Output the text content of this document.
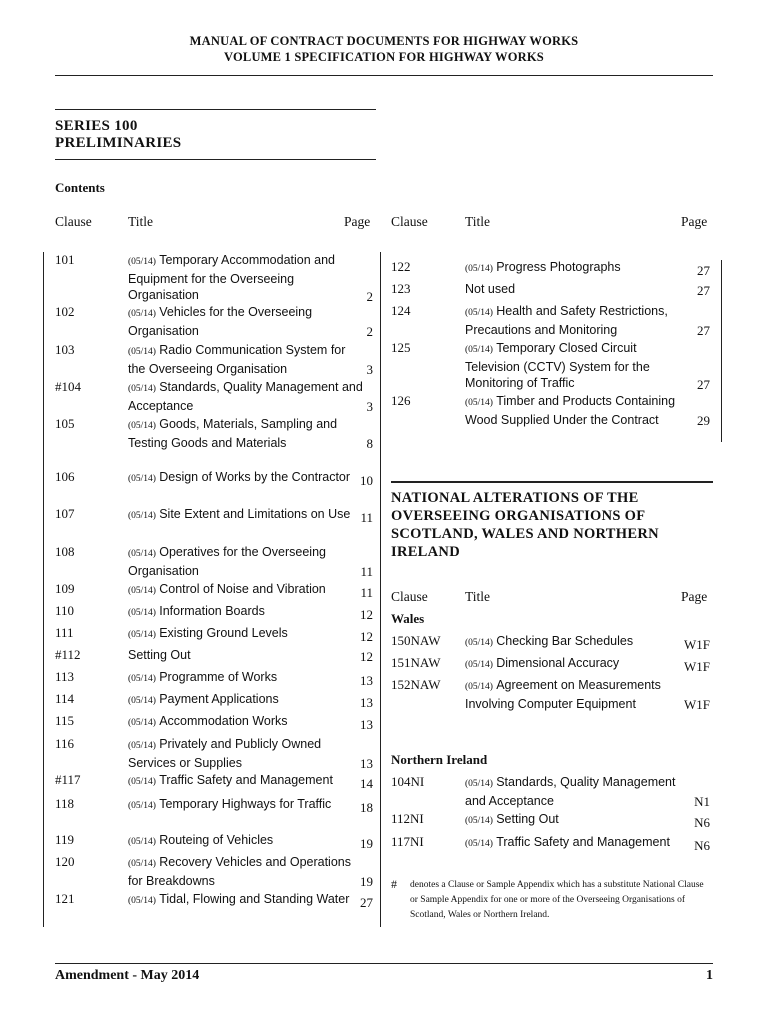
MANUAL OF CONTRACT DOCUMENTS FOR HIGHWAY WORKS
VOLUME 1 SPECIFICATION FOR HIGHWAY WORKS
SERIES 100
PRELIMINARIES
Contents
Clause	Title	Page Clause	Title	Page
101	(05/14) Temporary Accommodation and Equipment for the Overseeing Organisation	2
102	(05/14) Vehicles for the Overseeing Organisation	2
103	(05/14) Radio Communication System for the Overseeing Organisation	3
#104	(05/14) Standards, Quality Management and Acceptance	3
105	(05/14) Goods, Materials, Sampling and Testing Goods and Materials	8
106	(05/14) Design of Works by the Contractor 10
107	(05/14) Site Extent and Limitations on Use 11
108	(05/14) Operatives for the Overseeing Organisation	11
109	(05/14) Control of Noise and Vibration	11
110	(05/14) Information Boards	12
111	(05/14) Existing Ground Levels	12
#112	Setting Out	12
113	(05/14) Programme of Works	13
114	(05/14) Payment Applications	13
115	(05/14) Accommodation Works	13
116	(05/14) Privately and Publicly Owned Services or Supplies	13
#117	(05/14) Traffic Safety and Management	14
118	(05/14) Temporary Highways for Traffic	18
119	(05/14) Routeing of Vehicles	19
120	(05/14) Recovery Vehicles and Operations for Breakdowns	19
121	(05/14) Tidal, Flowing and Standing Water 27
122	(05/14) Progress Photographs	27
123	Not used	27
124	(05/14) Health and Safety Restrictions, Precautions and Monitoring	27
125	(05/14) Temporary Closed Circuit Television (CCTV) System for the Monitoring of Traffic	27
126	(05/14) Timber and Products Containing Wood Supplied Under the Contract	29
NATIONAL ALTERATIONS OF THE OVERSEEING ORGANISATIONS OF SCOTLAND, WALES AND NORTHERN IRELAND
Clause	Title	Page
Wales
150NAW	(05/14) Checking Bar Schedules	W1F
151NAW	(05/14) Dimensional Accuracy	W1F
152NAW	(05/14) Agreement on Measurements Involving Computer Equipment	W1F
Northern Ireland
104NI	(05/14) Standards, Quality Management and Acceptance	N1
112NI	(05/14) Setting Out	N6
117NI	(05/14) Traffic Safety and Management	N6
# denotes a Clause or Sample Appendix which has a substitute National Clause or Sample Appendix for one or more of the Overseeing Organisations of Scotland, Wales or Northern Ireland.
Amendment - May 2014	1
